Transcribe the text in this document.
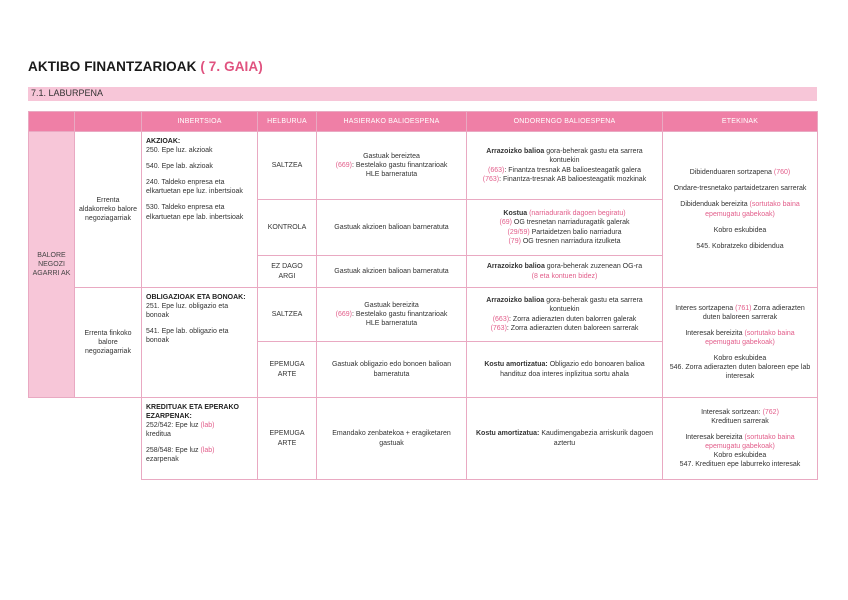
AKTIBO FINANTZARIOAK ( 7. GAIA)
7.1. LABURPENA
		INBERTSIOA	HELBURUA	HASIERAKO BALIOESPENA	ONDORENGO BALIOESPENA	ETEKINAK
BALORE NEGOZI AGARRI AK	Errenta aldakorreko balore negoziagarriak	AKZIOAK:
250. Epe luz. akzioak
540. Epe lab. akzioak
240. Taldeko enpresa eta elkartuetan epe luz. inbertsioak
530. Taldeko enpresa eta elkartuetan epe lab. inbertsioak	SALTZEA	Gastuak bereiztea
(669): Bestelako gastu finantzarioak
HLE barneratuta	Arrazoizko balioa gora-beherak gastu eta sarrera kontuekin
(663): Finantza tresnak AB balioesteagatik galera
(763): Finantza-tresnak AB balioesteagatik mozkinak	Dibidenduaren sortzapena (760)
Ondare-tresnetako partaidetzaren sarrerak
Dibidenduak bereizita (sortutako baina epemugatu gabekoak)
Kobro eskubidea
545. Kobratzeko dibidendua

			KONTROLA	Gastuak akzioen balioan barneratuta	Kostua (narriadurarik dagoen begiratu)
(69) OG tresnetan narriaduragatik galerak
(29/59) Partaidetzen balio narriadura
(79) OG tresnen narriadura itzulketa	

			EZ DAGO ARGI	Gastuak akzioen balioan barneratuta	Arrazoizko balioa gora-beherak zuzenean OG-ra
(8 eta kontuen bidez)	

	Errenta finkoko balore negoziagarriak	OBLIGAZIOAK ETA BONOAK:
251. Epe luz. obligazio eta bonoak
541. Epe lab. obligazio eta bonoak	SALTZEA	Gastuak bereizita
(669): Bestelako gastu finantzarioak
HLE barneratuta	Arrazoizko balioa gora-beherak gastu eta sarrera kontuekin
(663): Zorra adierazten duten balorren galerak
(763): Zorra adierazten duten baloreen sarrerak	Interes sortzapena (761) Zorra adierazten duten baloreen sarrerak
Interesak bereizita (sortutako baina epemugatu gabekoak)
Kobro eskubidea
546. Zorra adierazten duten baloreen epe lab interesak

			EPEMUGA ARTE	Gastuak obligazio edo bonoen balioan barneratuta	Kostu amortizatua: Obligazio edo bonoaren balioa handituz doa interes inplizitua sortu ahala	

		KREDITUAK ETA EPERAKO EZARPENAK:
252/542: Epe luz (lab)
kreditua
258/548: Epe luz (lab)
ezarpenak	EPEMUGA ARTE	Emandako zenbatekoa + eragiketaren gastuak	Kostu amortizatua: Kaudimengabezia arriskurik dagoen aztertu	Interesak sortzean: (762)
Kredituen sarrerak
Interesak bereizita (sortutako baina epemugatu gabekoak)
Kobro eskubidea
547. Kredituen epe laburreko interesak
